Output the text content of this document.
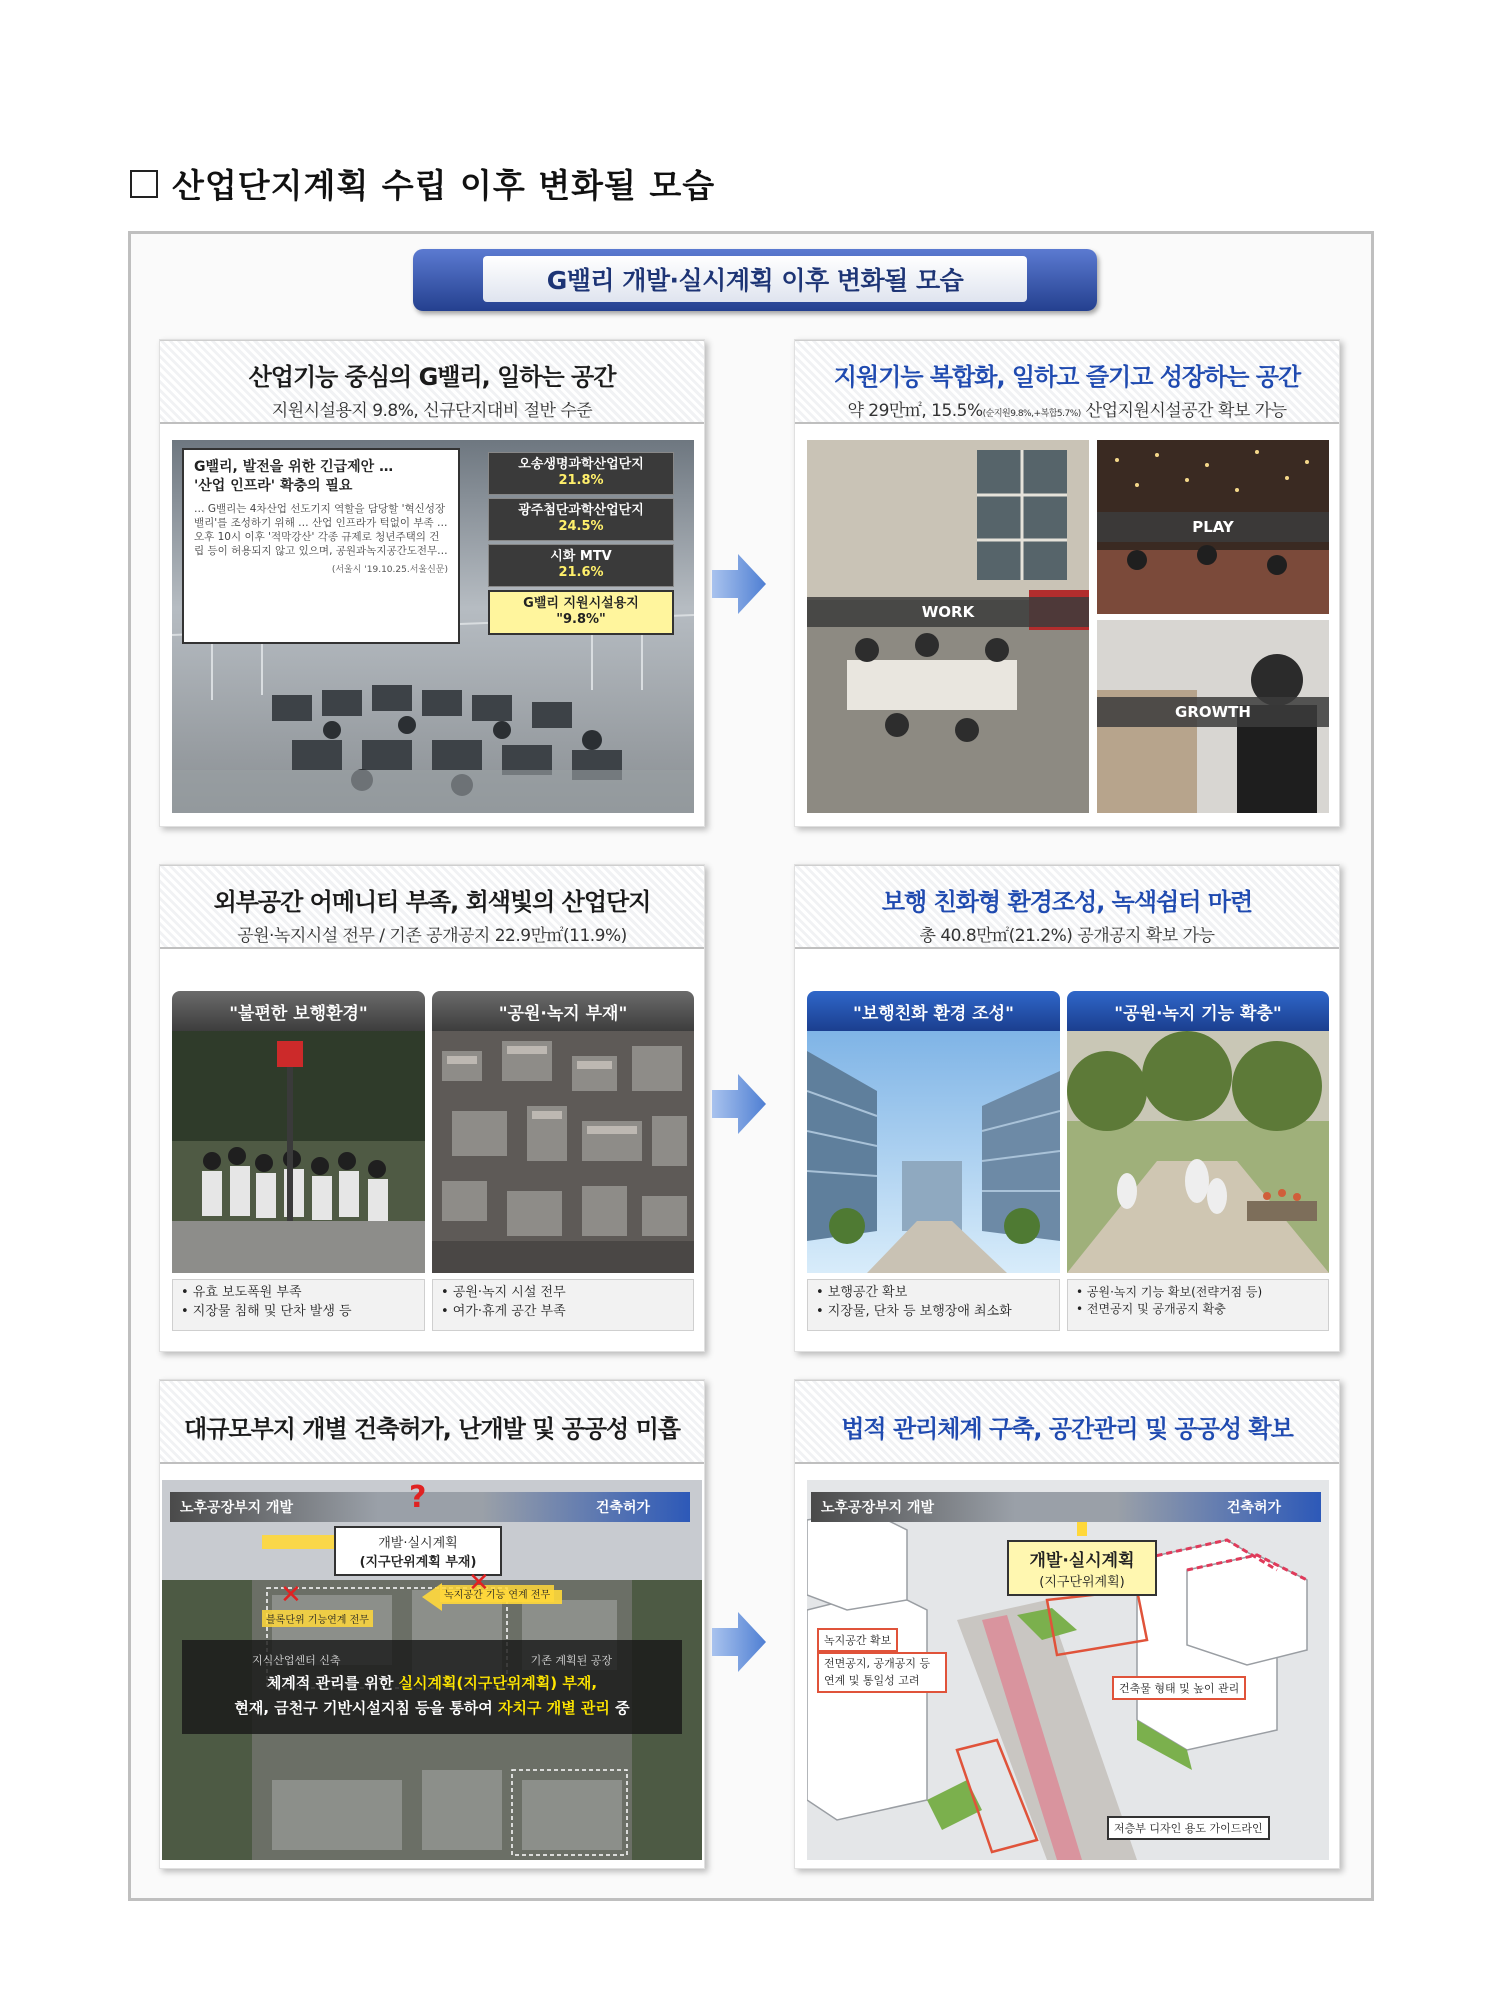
산업단지계획 수립 이후 변화될 모습
G밸리 개발·실시계획 이후 변화될 모습
산업기능 중심의 G밸리, 일하는 공간
지원시설용지 9.8%, 신규단지대비 절반 수준
G밸리, 발전을 위한 긴급제안 …
'산업 인프라' 확충의 필요
… G밸리는 4차산업 선도기지 역할을 담당할 '혁신성장밸리'를 조성하기 위해 … 산업 인프라가 턱없이 부족 … 오후 10시 이후 '적막강산' 각종 규제로 청년주택의 건립 등이 허용되지 않고 있으며, 공원과녹지공간도전무…
(서울시 '19.10.25.서울신문)
오송생명과학산업단지
21.8%
광주첨단과학산업단지
24.5%
시화 MTV
21.6%
G밸리 지원시설용지
"9.8%"
지원기능 복합화, 일하고 즐기고 성장하는 공간
약 29만㎡, 15.5%(순지원9.8%,+복합5.7%) 산업지원시설공간 확보 가능
WORK
PLAY
GROWTH
외부공간 어메니티 부족, 회색빛의 산업단지
공원·녹지시설 전무 / 기존 공개공지 22.9만㎡(11.9%)
"불편한 보행환경"	"공원·녹지 부재"
• 유효 보도폭원 부족
• 지장물 침해 및 단차 발생 등
• 공원·녹지 시설 전무
• 여가·휴게 공간 부족
보행 친화형 환경조성, 녹색쉼터 마련
총 40.8만㎡(21.2%) 공개공지 확보 가능
"보행친화 환경 조성"	"공원·녹지 기능 확충"
• 보행공간 확보
• 지장물, 단차 등 보행장애 최소화
• 공원·녹지 기능 확보(전략거점 등)
• 전면공지 및 공개공지 확충
대규모부지 개별 건축허가, 난개발 및 공공성 미흡
노후공장부지 개발	건축허가
?
개발·실시계획
(지구단위계획 부재)
블록단위 기능연계 전무
녹지공간 기능 연계 전무
✕	✕
지식산업센터 신축	기존 계획된 공장
체계적 관리를 위한 실시계획(지구단위계획) 부재,
현재, 금천구 기반시설지침 등을 통하여 자치구 개별 관리 중
법적 관리체계 구축, 공간관리 및 공공성 확보
노후공장부지 개발	건축허가
개발·실시계획
(지구단위계획)
녹지공간 확보
전면공지, 공개공지 등 연계 및 통일성 고려
건축물 형태 및 높이 관리
저층부 디자인 용도 가이드라인
